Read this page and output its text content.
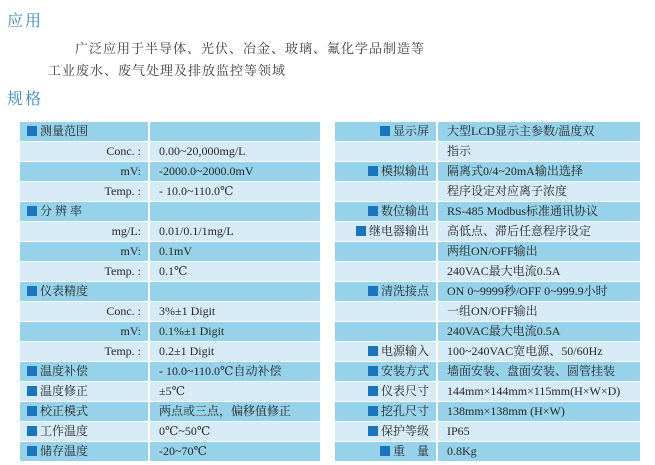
应用

广泛应用于半导体、光伏、冶金、玻璃、氟化学品制造等

工业废水、废气处理及排放监控等领域

规格
测量范围
Conc. :	0.00~20,000mg/L
mV:	-2000.0~2000.0mV
Temp. :	- 10.0~110.0℃
分 辨 率
mg/L:	0.01/0.1/1mg/L
mV:	0.1mV
Temp. :	0.1℃
仪表精度
Conc. :	3%±1 Digit
mV:	0.1%±1 Digit
Temp. :	0.2±1 Digit
温度补偿	- 10.0~110.0℃自动补偿
温度修正	±5℃
校正模式	两点或三点，偏移值修正
工作温度	0℃~50℃
储存温度	-20~70℃
显示屏	大型LCD显示主参数/温度双
指示
模拟输出	隔离式0/4~20mA输出选择
程序设定对应离子浓度
数位输出	RS-485 Modbus标准通讯协议
继电器输出	高低点、滞后任意程序设定
两组ON/OFF输出
240VAC最大电流0.5A
清洗接点	ON 0~9999秒/OFF 0~999.9小时
一组ON/OFF输出
240VAC最大电流0.5A
电源输入	100~240VAC宽电源、50/60Hz
安装方式	墙面安装、盘面安装、圆管挂装
仪表尺寸	144mm×144mm×115mm(H×W×D)
挖孔尺寸	138mm×138mm (H×W)
保护等级	IP65
重　量	0.8Kg
